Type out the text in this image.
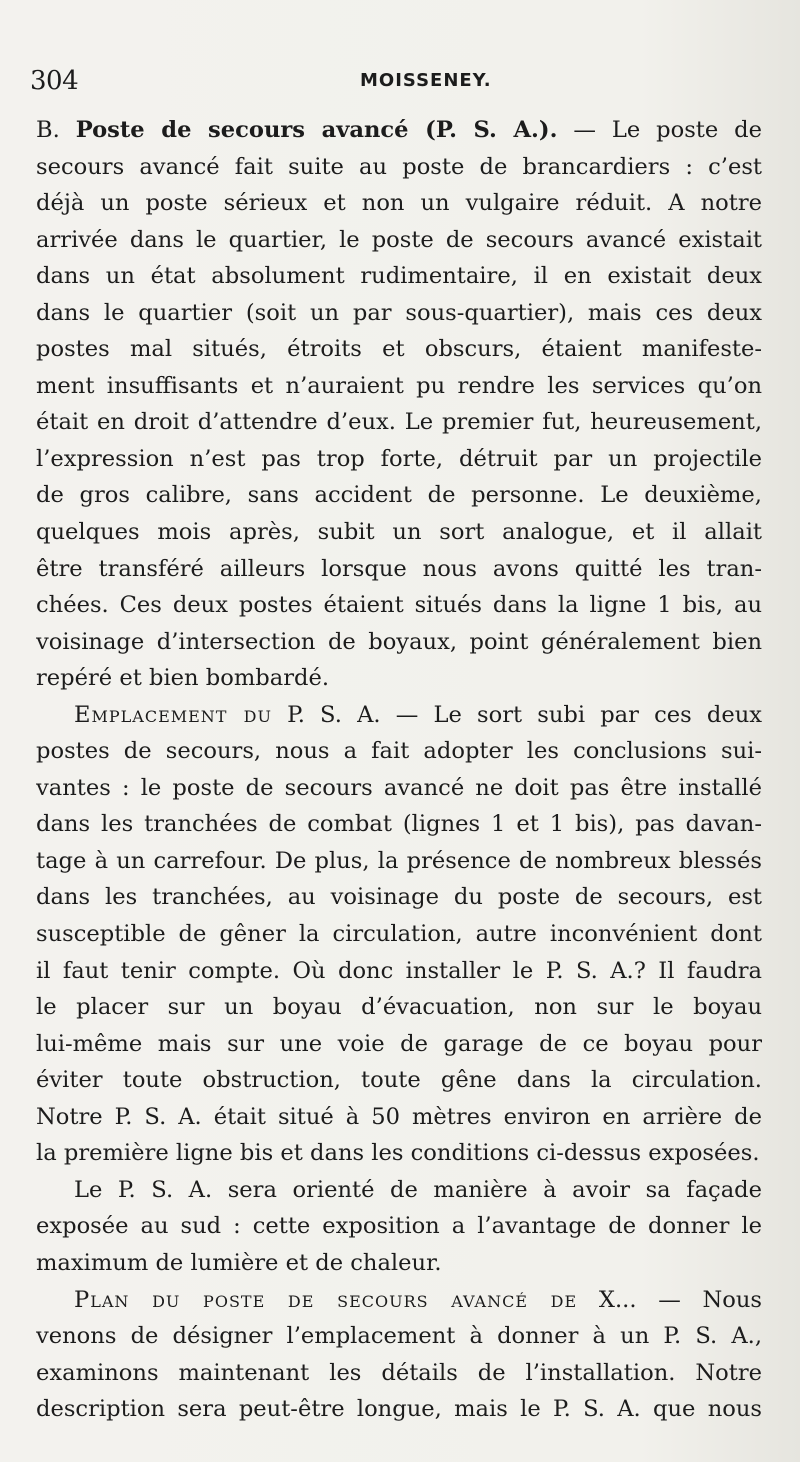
304	MOISSENEY.
B. Poste de secours avancé (P. S. A.). — Le poste de
secours avancé fait suite au poste de brancardiers : c’est
déjà un poste sérieux et non un vulgaire réduit. A notre
arrivée dans le quartier, le poste de secours avancé existait
dans un état absolument rudimentaire, il en existait deux
dans le quartier (soit un par sous-quartier), mais ces deux
postes mal situés, étroits et obscurs, étaient manifeste-
ment insuffisants et n’auraient pu rendre les services qu’on
était en droit d’attendre d’eux. Le premier fut, heureusement,
l’expression n’est pas trop forte, détruit par un projectile
de gros calibre, sans accident de personne. Le deuxième,
quelques mois après, subit un sort analogue, et il allait
être transféré ailleurs lorsque nous avons quitté les tran-
chées. Ces deux postes étaient situés dans la ligne 1 bis, au
voisinage d’intersection de boyaux, point généralement bien
repéré et bien bombardé.
Emplacement du P. S. A. — Le sort subi par ces deux
postes de secours, nous a fait adopter les conclusions sui-
vantes : le poste de secours avancé ne doit pas être installé
dans les tranchées de combat (lignes 1 et 1 bis), pas davan-
tage à un carrefour. De plus, la présence de nombreux blessés
dans les tranchées, au voisinage du poste de secours, est
susceptible de gêner la circulation, autre inconvénient dont
il faut tenir compte. Où donc installer le P. S. A.? Il faudra
le placer sur un boyau d’évacuation, non sur le boyau
lui-même mais sur une voie de garage de ce boyau pour
éviter toute obstruction, toute gêne dans la circulation.
Notre P. S. A. était situé à 50 mètres environ en arrière de
la première ligne bis et dans les conditions ci-dessus exposées.
Le P. S. A. sera orienté de manière à avoir sa façade
exposée au sud : cette exposition a l’avantage de donner le
maximum de lumière et de chaleur.
Plan du poste de secours avancé de X... — Nous
venons de désigner l’emplacement à donner à un P. S. A.,
examinons maintenant les détails de l’installation. Notre
description sera peut-être longue, mais le P. S. A. que nous
